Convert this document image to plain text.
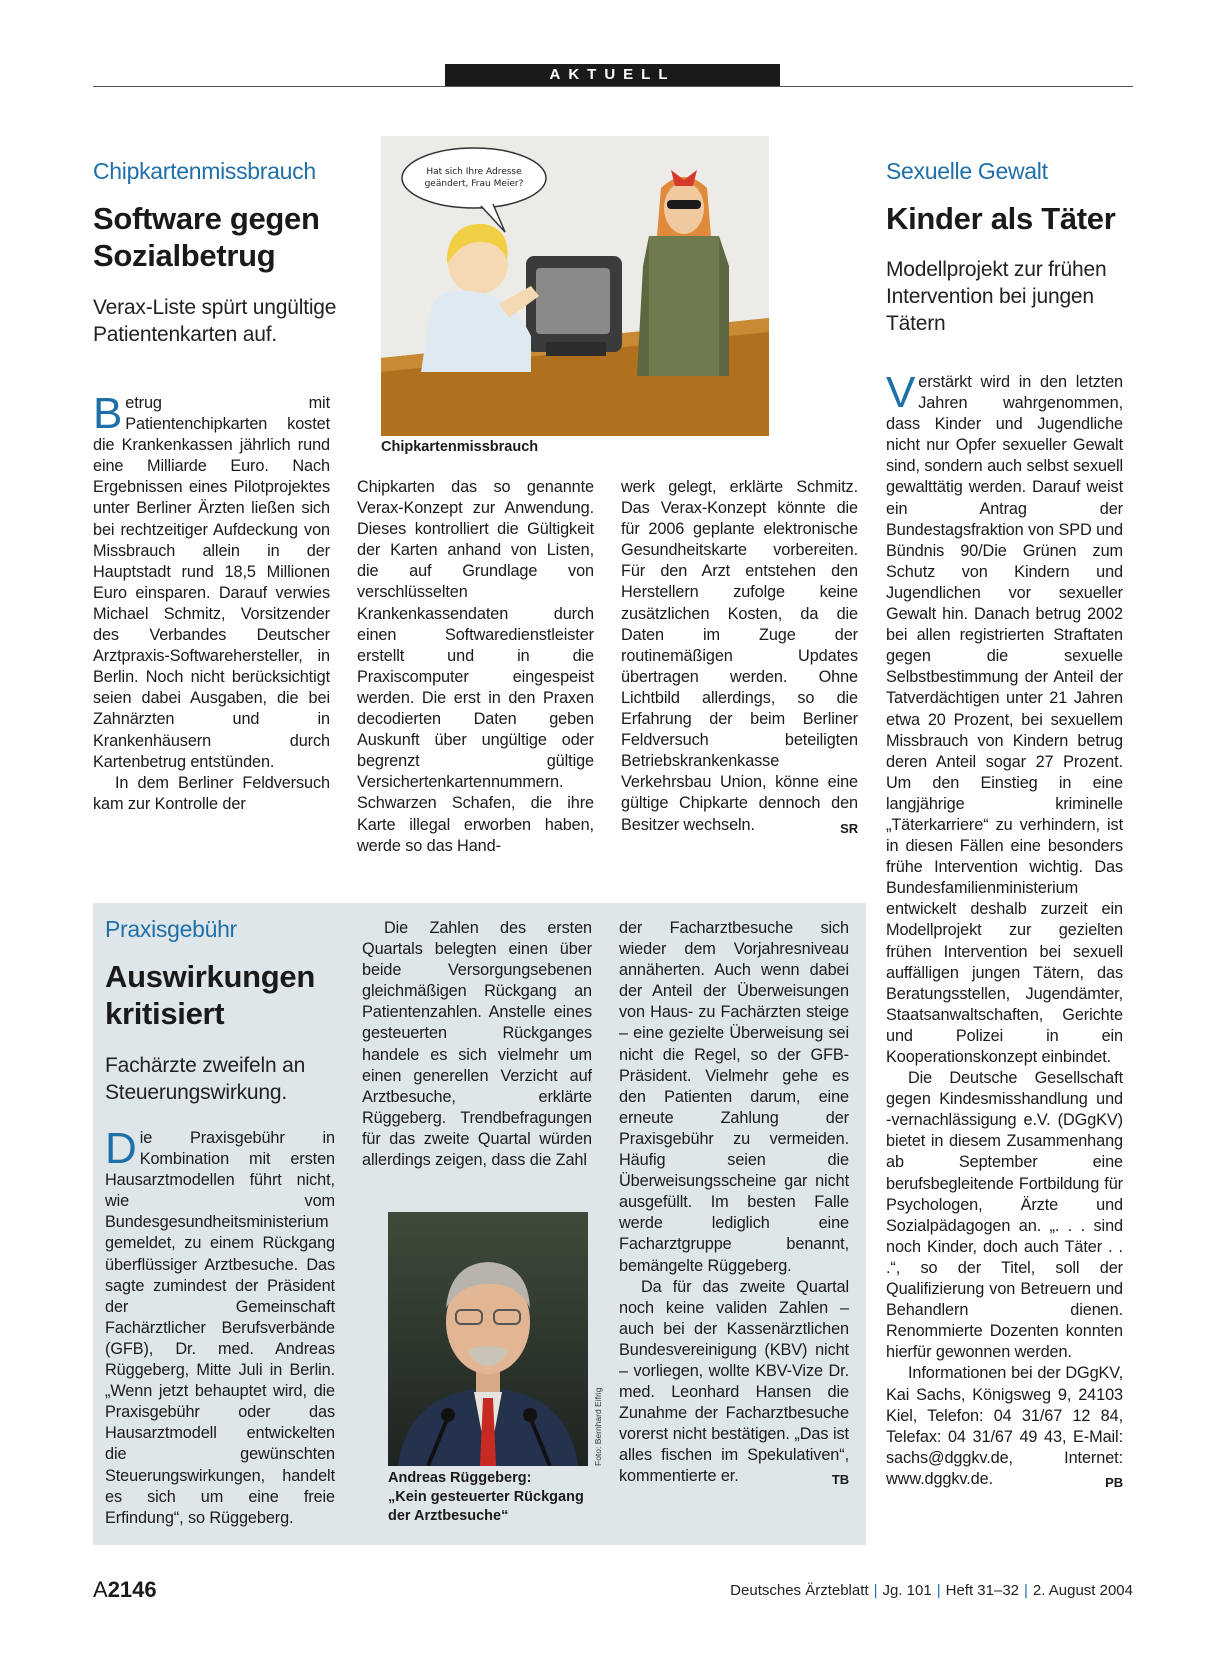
AKTUELL
Chipkartenmissbrauch
Software gegen Sozialbetrug
Verax-Liste spürt ungültige Patientenkarten auf.
Hat sich Ihre Adresse
geändert, Frau Meier?
Chipkartenmissbrauch

Betrug mit Patientenchipkarten kostet die Krankenkassen jährlich rund eine Milliarde Euro. Nach Ergebnissen eines Pilotprojektes unter Berliner Ärzten ließen sich bei rechtzeitiger Aufdeckung von Missbrauch allein in der Hauptstadt rund 18,5 Millionen Euro einsparen. Darauf verwies Michael Schmitz, Vorsitzender des Verbandes Deutscher Arztpraxis-Softwarehersteller, in Berlin. Noch nicht berücksichtigt seien dabei Ausgaben, die bei Zahnärzten und in Krankenhäusern durch Kartenbetrug entstünden.

In dem Berliner Feldversuch kam zur Kontrolle der

Chipkarten das so genannte Verax-Konzept zur Anwendung. Dieses kontrolliert die Gültigkeit der Karten anhand von Listen, die auf Grundlage von verschlüsselten Krankenkassendaten durch einen Softwaredienstleister erstellt und in die Praxiscomputer eingespeist werden. Die erst in den Praxen decodierten Daten geben Auskunft über ungültige oder begrenzt gültige Versichertenkartennummern. Schwarzen Schafen, die ihre Karte illegal erworben haben, werde so das Hand-
werk gelegt, erklärte Schmitz. Das Verax-Konzept könnte die für 2006 geplante elektronische Gesundheitskarte vorbereiten. Für den Arzt entstehen den Herstellern zufolge keine zusätzlichen Kosten, da die Daten im Zuge der routinemäßigen Updates übertragen werden. Ohne Lichtbild allerdings, so die Erfahrung der beim Berliner Feldversuch beteiligten Betriebskrankenkasse Verkehrsbau Union, könne eine gültige Chipkarte dennoch den Besitzer wechseln.	SR
Sexuelle Gewalt
Kinder als Täter
Modellprojekt zur frühen Intervention bei jungen Tätern

Verstärkt wird in den letzten Jahren wahrgenommen, dass Kinder und Jugendliche nicht nur Opfer sexueller Gewalt sind, sondern auch selbst sexuell gewalttätig werden. Darauf weist ein Antrag der Bundestagsfraktion von SPD und Bündnis 90/Die Grünen zum Schutz von Kindern und Jugendlichen vor sexueller Gewalt hin. Danach betrug 2002 bei allen registrierten Straftaten gegen die sexuelle Selbstbestimmung der Anteil der Tatverdächtigen unter 21 Jahren etwa 20 Prozent, bei sexuellem Missbrauch von Kindern betrug deren Anteil sogar 27 Prozent. Um den Einstieg in eine langjährige kriminelle „Täterkarriere“ zu verhindern, ist in diesen Fällen eine besonders frühe Intervention wichtig. Das Bundesfamilienministerium entwickelt deshalb zurzeit ein Modellprojekt zur gezielten frühen Intervention bei sexuell auffälligen jungen Tätern, das Beratungsstellen, Jugendämter, Staatsanwaltschaften, Gerichte und Polizei in ein Kooperationskonzept einbindet.

Die Deutsche Gesellschaft gegen Kindesmisshandlung und -vernachlässigung e.V. (DGgKV) bietet in diesem Zusammenhang ab September eine berufsbegleitende Fortbildung für Psychologen, Ärzte und Sozialpädagogen an. „. . . sind noch Kinder, doch auch Täter . . .“, so der Titel, soll der Qualifizierung von Betreuern und Behandlern dienen. Renommierte Dozenten konnten hierfür gewonnen werden.

Informationen bei der DGgKV, Kai Sachs, Königsweg 9, 24103 Kiel, Telefon: 04 31/67 12 84, Telefax: 04 31/67 49 43, E-Mail: sachs@dggkv.de, Internet: www.dggkv.de.	PB

Praxisgebühr
Auswirkungen kritisiert
Fachärzte zweifeln an Steuerungswirkung.

Die Praxisgebühr in Kombination mit ersten Hausarztmodellen führt nicht, wie vom Bundesgesundheitsministerium gemeldet, zu einem Rückgang überflüssiger Arztbesuche. Das sagte zumindest der Präsident der Gemeinschaft Fachärztlicher Berufsverbände (GFB), Dr. med. Andreas Rüggeberg, Mitte Juli in Berlin. „Wenn jetzt behauptet wird, die Praxisgebühr oder das Hausarztmodell entwickelten die gewünschten Steuerungswirkungen, handelt es sich um eine freie Erfindung“, so Rüggeberg.

Die Zahlen des ersten Quartals belegten einen über beide Versorgungsebenen gleichmäßigen Rückgang an Patientenzahlen. Anstelle eines gesteuerten Rückganges handele es sich vielmehr um einen generellen Verzicht auf Arztbesuche, erklärte Rüggeberg. Trendbefragungen für das zweite Quartal würden allerdings zeigen, dass die Zahl

Foto: Bernhard Eifrig
Andreas Rüggeberg:
„Kein gesteuerter Rückgang der Arztbesuche“

der Facharztbesuche sich wieder dem Vorjahresniveau annäherten. Auch wenn dabei der Anteil der Überweisungen von Haus- zu Fachärzten steige – eine gezielte Überweisung sei nicht die Regel, so der GFB-Präsident. Vielmehr gehe es den Patienten darum, eine erneute Zahlung der Praxisgebühr zu vermeiden. Häufig seien die Überweisungsscheine gar nicht ausgefüllt. Im besten Falle werde lediglich eine Facharztgruppe benannt, bemängelte Rüggeberg.

Da für das zweite Quartal noch keine validen Zahlen – auch bei der Kassenärztlichen Bundesvereinigung (KBV) nicht – vorliegen, wollte KBV-Vize Dr. med. Leonhard Hansen die Zunahme der Facharztbesuche vorerst nicht bestätigen. „Das ist alles fischen im Spekulativen“, kommentierte er.	TB

A2146	Deutsches Ärzteblatt | Jg. 101 | Heft 31–32 | 2. August 2004
